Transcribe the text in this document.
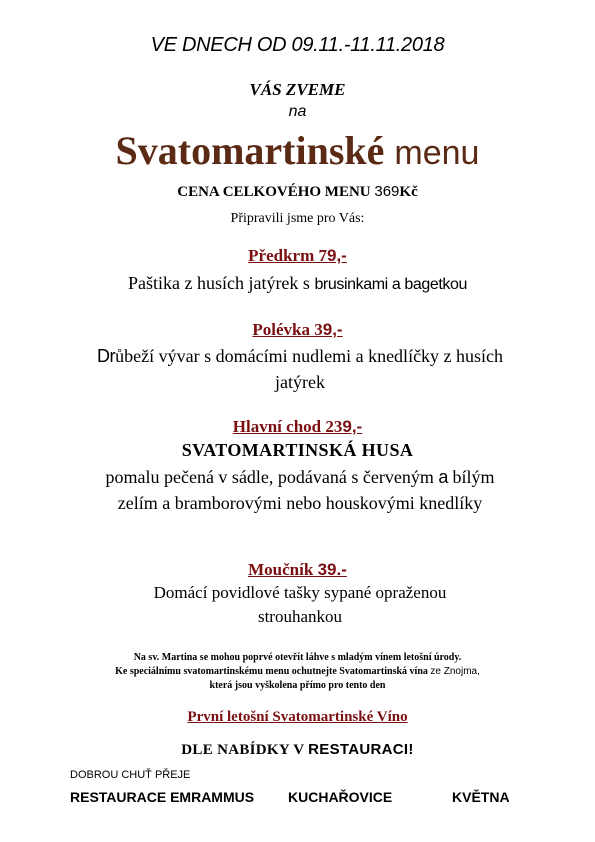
VE DNECH OD 09.11.-11.11.2018
VÁS ZVEME
na
Svatomartinské menu
CENA CELKOVÉHO MENU 369Kč
Připravili jsme pro Vás:
Předkrm 79,-
Paštika z husích jatýrek s brusinkami a bagetkou
Polévka 39,-
Drůbeží vývar s domácími nudlemi a knedlíčky z husích jatýrek
Hlavní chod 239,-
SVATOMARTINSKÁ HUSA
pomalu pečená v sádle, podávaná s červeným a bílým zelím a bramborovými nebo houskovými knedlíky
Moučník 39.-
Domácí povidlové tašky sypané opraženou strouhankou
Na sv. Martina se mohou poprvé otevřít láhve s mladým vínem letošní úrody.
Ke speciálnímu svatomartinskému menu ochutnejte Svatomartinská vína ze Znojma,
která jsou vyškolena přímo pro tento den
První letošní Svatomartinské Víno
DLE NABÍDKY V RESTAURACI!
DOBROU CHUŤ PŘEJE
RESTAURACE EMRAMMUS KUCHAŘOVICE	KVĚTNA
